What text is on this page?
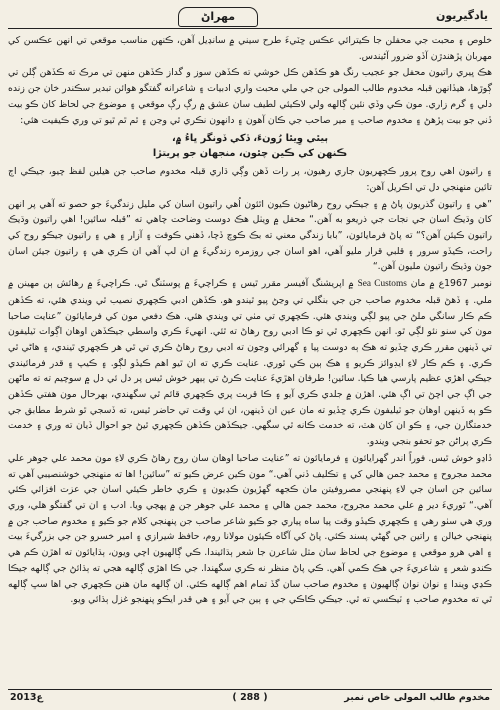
مهراڻ	يادگيريون

خلوص ۽ محبت جي محفلن جا ڪيترائي عڪس ڇٽيءَ طرح سيني ۾ سانڍيل آهن، ڪنهن مناسب موقعي تي انهن عڪسن کي مهربان پڙهندڙن آڏو ضرور آڻيندس.

هڪ ڀيري راتيون محفل جو عجيب رنگ هو ڪڏهن ڪل خوشي ته ڪڏهن سوز و گداز ڪڏهن منهن تي مرڪ ته ڪڏهن ڳلن تي ڳوڙها، هيڏانهن قبلہ مخدوم طالب المولى جن جي ملي محبت واري ادبيات ۽ شاعرانه گفتگو هوائن تبدير سڪندر خان جن زنده دلي ۽ گرم زاري. مون ڪي وڏي نئين ڳالهه ولي لاڪيئي لطيف سان عشق ۾ رڳ رڳ موقعي ۽ موضوع جي لحاظ کان ڪو بيت ڏني جو بيت پڙهڻ ۽ مخدوم صاحب ۽ مير صاحب جي ڪان آهون ۽ دانهون نڪري ٿي وڃن ۽ ٿم ٿم ٿيو تي وري ڪيفيت هئي:

ٻيئي وِيئا رُونءَ، ڏکي ڏونگر ڀاءُ ۾،
ڪنهن کي ڪين چئون، منجهان جو پريتڙا

۽ راتيون اهي روح پرور ڪچهريون جاري رهيون، پر رات ڏهن وڳي ڌاري قبلہ مخدوم صاحب جن هيلين لفظ چيو، جيڪي اڄ تائين منهنجي دل تي اڪريل آهن:

”هي ۽ راتيون گذريون پاڻ ۾ ۽ جيڪي روح رهاڻيون ڪيون اٿئون اُهي راتيون اسان کي مليل زندگيءَ جو حصو ته آهي پر انهن کان وڌيڪ اسان جي نجات جي ذريعو به آهن.“ محفل ۾ ويٺل هڪ دوست وضاحت چاهي ته ”قبلہ سائين! اهي راتيون وڌيڪ راتيون ڪيئن آهن؟“ ته پاڻ فرمايائون، ”بابا زندگي معني ته بڪ ڪوچ ڏچا، ڏهني ڪوفت ۽ آزار ۽ هي ۽ راتيون جيڪو روح کي راحت، ڪيڏو سرور ۽ قلبي قرار مليو آهي، اهو اسان جي روزمره زندگيءَ ۾ ان لپ آهي ان ڪري هي ۽ راتيون جيئن اسان جون وڌيڪ راتيون مليون آهن.“

نومبر 1967ع ۾ مان Sea Customs ۾ اپريشنگ آفيسر مقرر ٿيس ۽ ڪراچيءَ ۾ پوسٽنگ ٿي. ڪراچيءَ ۾ رهائش ٻن مهينن ۾ ملي. ۽ ڏهڻ قبلہ مخدوم صاحب جن جي بنگلي تي وڃڻ پيو ٿيندو هو. ڪڏهن ادبي ڪچهري نصيب ٿي ويندي هئي، ته ڪڏهن ڪم ڪار سانگي ملڻ جي پيو لڳي ويندي هئي. ڪچهري تي مٺي تي ويندي هئي. هڪ دفعي مون کي فرمايائون ”عنايت صاحبا مون کي سنو نئو لڳي ٿو. انهن ڪچهري ٿي تو ڪا ادبي روح رهاڻ ته ٿئي. انهيءَ ڪري واسطي جيڪڏهن اوهان اڳوات ٽيليفون تي ڏينهن مقرر ڪري ڇڏيو ته هڪ ٻه دوست پيا ۽ گهرائي وڃون ته ادبي روح رهاڻ ڪري تي ٿي هر ڪچهري ٿيندي، ۽ هاڻي ٿي ڪري. ۽ ڪم ڪار لاءِ ايڊوائز ڪريو ۽ هڪ ٻين ڪي ٿوري. عنايت ڪري ته ان ٿيو اهم ڪيڏو لڳو. ۽ ڪيپ ۽ قدر فرمائيندي جيڪي اهڙي عظيم پارسي هيا ڪيا. سائين! طرفان اهڙيءَ عنايت ڪرڻ تي ٻيهر خوش ٿيس پر دل ئي دل ۾ سوچيم ته ته ماڻهن جي اڳ جي اچڻ تي اڳ هئي. اهڙن ۾ جلدي ڪري آيو ۽ ڪا قربت پري ڪچهري قائم ٿي سگهندي، بهرحال مون هفتي ڪڏهن ڪو ٻه ڏينهن اوهان جو ٽيليفون ڪري ڇڏيو ته مان عين ان ڏينهن، ان ئي وقت تي حاضر ٿيس، ته ڏسجي ٿو شرط مطابق جي خدمتگارن جي، ۽ ڪو ان کان هٽ، ته خدمت ڪانه ٿي سگهي. جيڪڏهن ڪڏهن ڪچهري ٿيڻ جو احوال ڏيان ته وري ۽ خدمت ڪري پراڻن جو تحفو بنجي ويندو.

ڏاڍو خوش ٿيس. فوراً اندر گهرايائون ۽ فرمايائون ته ”عنايت صاحبا اوهان سان روح رهاڻ ڪري لاءِ مون محمد علي جوهر علي محمد مجروح ۽ محمد جمن هالي کي ۽ تڪليف ڏني آهي.“ مون ڪين عرض ڪيو ته ”سائين! اها ته منهنجي خوشنصيبي آهي ته سائين جن اسان جي لاءِ پنهنجي مصروفيتن مان ڪجهه گهڙيون ڪڍيون ۽ ڪري خاطر ڪيئي اسان جي عزت افزائي ڪئي آهي.“ ٿوريءَ دير ۾ علي محمد مجروح، محمد جمن هالي ۽ محمد علي جوهر جن ۾ پهچي ويا. ادب ۽ ان تي گفتگو هلي، وري وري هي سٺو رهي ۽ ڪچهري ڪيڏو وقت پيا ساه پياري جو ڪيو شاعر صاحب جن پنهنجي کلام جو ڪيو ۽ مخدوم صاحب جن ۾ پنهنجي خيالن ۽ راتين جي گهڻي پسند ڪئي. پاڻ کي آگاه ڪيئون مولانا روم، حافظ شيرازي ۽ امير خسرو جن جي بزرگيءَ بيت ۽ اهي هرو موقعي ۽ موضوع جي لحاظ سان مثل شاعرن جا شعر ٻڌائيندا. ڪي ڳالهيون اچي ويون، ٻڌايائون ته اهڙن ڪم هي ڪندو شعر ۽ شاعريءَ جي هڪ ڪمي آهي. ڪي پاڻ منظر نه ڪري سگهندا. جي ڪا اهڙي ڳالهه هجي ته ٻڌائڻ جي ڳالهه جيڪا ڪڍي ويندا ۽ نوان نوان ڳالهيون ۽ مخدوم صاحب سان گڏ تمام اهم ڳالهه ڪئي. ان ڳالهه مان هنن ڪچهري جي اها سڀ ڳالهه ٿي ته مخدوم صاحب ۽ ٽيڪسي ته ٿي. جيڪي ڪاڪي جي ۽ ٻين جي آيو ۽ هي قدر ايڪو پنهنجو غزل ٻڌائي ويو.

2013ع	( 288 )	مخدوم طالب المولى خاص نمبر
